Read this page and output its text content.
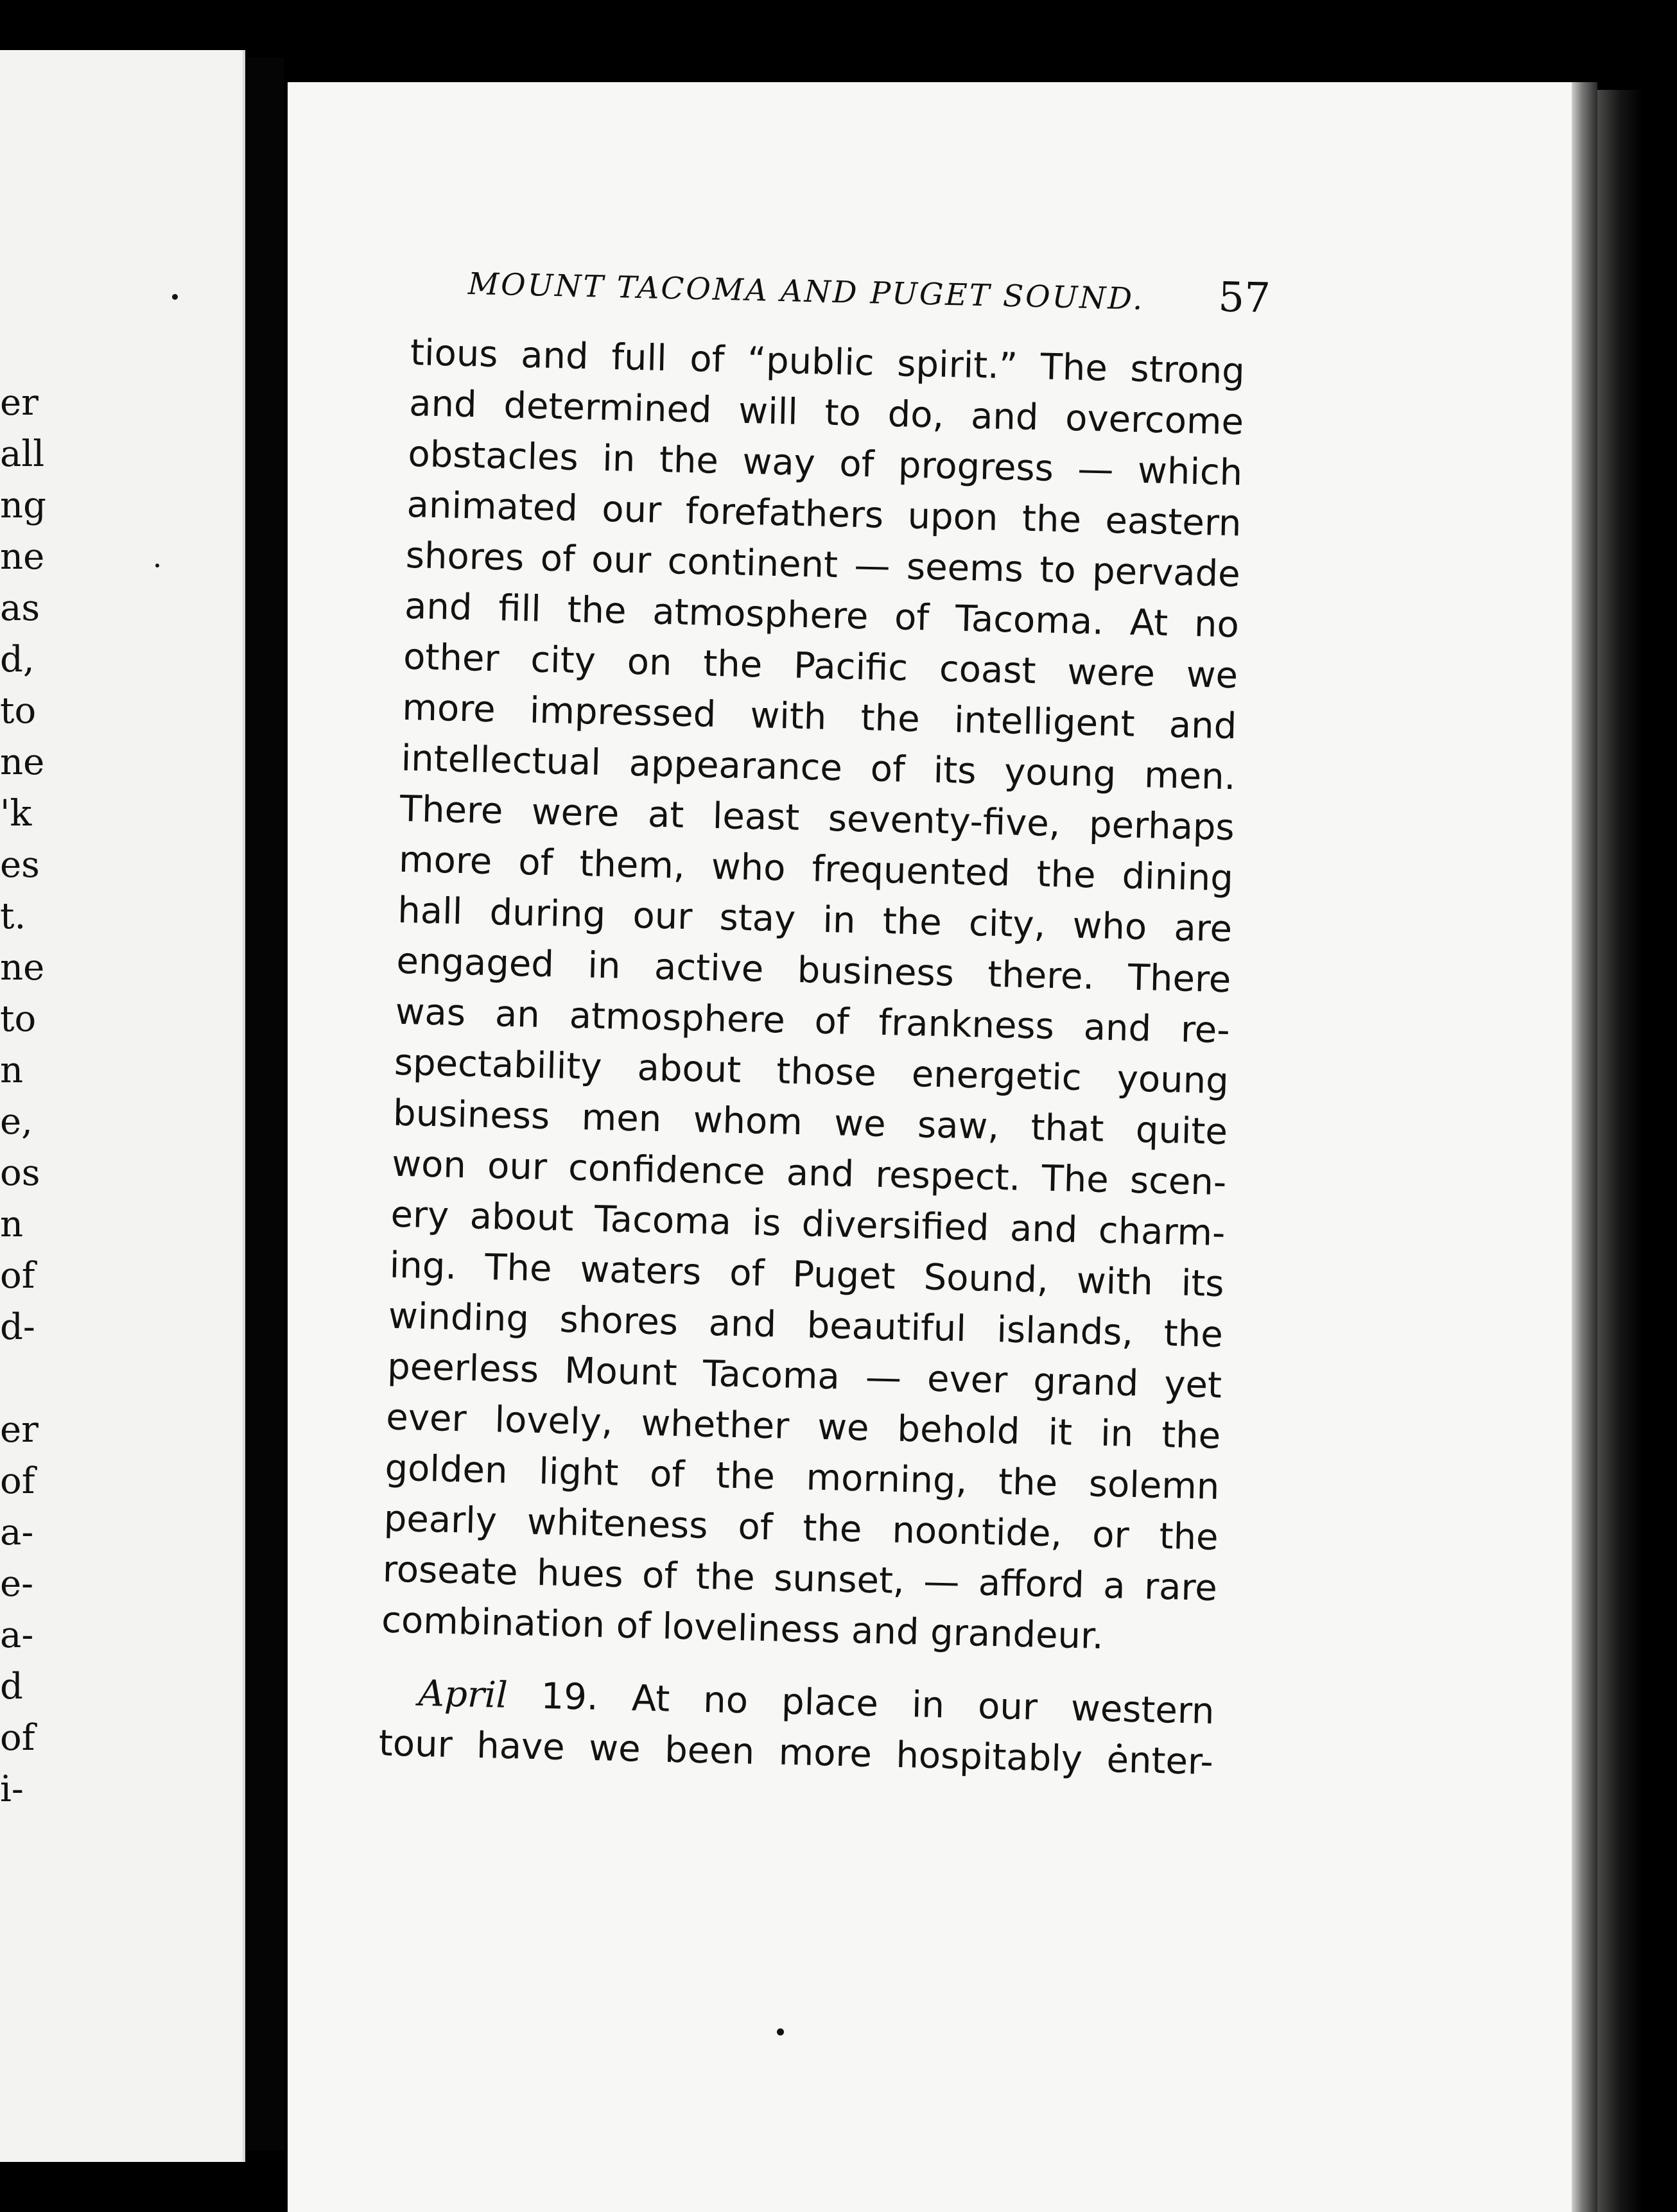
er
all
ng
ne
as
d,
to
ne
'k
es
t.
ne
to
n
e,
os
n
of
d-
er
of
a-
e-
a-
d
of
i-
MOUNT TACOMA AND PUGET SOUND. 57
tious and full of “public spirit.” The strong
and determined will to do, and overcome
obstacles in the way of progress — which
animated our forefathers upon the eastern
shores of our continent — seems to pervade
and fill the atmosphere of Tacoma. At no
other city on the Pacific coast were we
more impressed with the intelligent and
intellectual appearance of its young men.
There were at least seventy-five, perhaps
more of them, who frequented the dining
hall during our stay in the city, who are
engaged in active business there. There
was an atmosphere of frankness and re-
spectability about those energetic young
business men whom we saw, that quite
won our confidence and respect. The scen-
ery about Tacoma is diversified and charm-
ing. The waters of Puget Sound, with its
winding shores and beautiful islands, the
peerless Mount Tacoma — ever grand yet
ever lovely, whether we behold it in the
golden light of the morning, the solemn
pearly whiteness of the noontide, or the
roseate hues of the sunset, — afford a rare
combination of loveliness and grandeur.
April 19. At no place in our western
tour have we been more hospitably enter-
